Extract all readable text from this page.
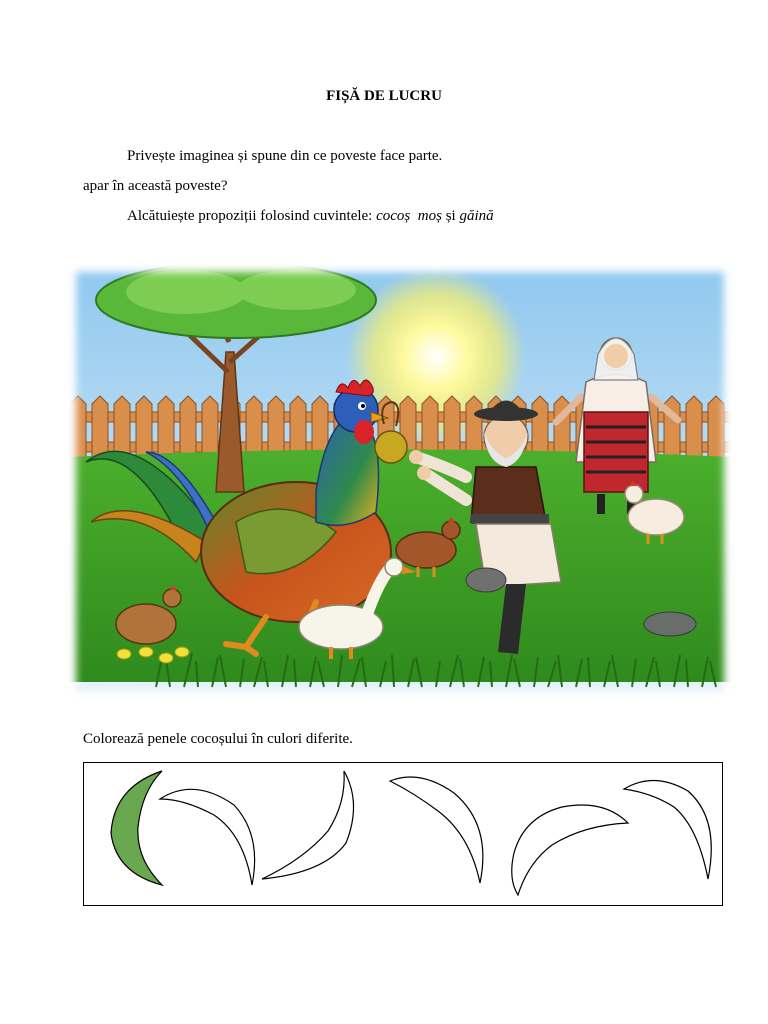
FIȘĂ DE LUCRU
Privește imaginea și spune din ce poveste face parte.
apar în această poveste?
Alcătuiește propoziții folosind cuvintele: cocoș moș și găină
Colorează penele cocoșului în culori diferite.
